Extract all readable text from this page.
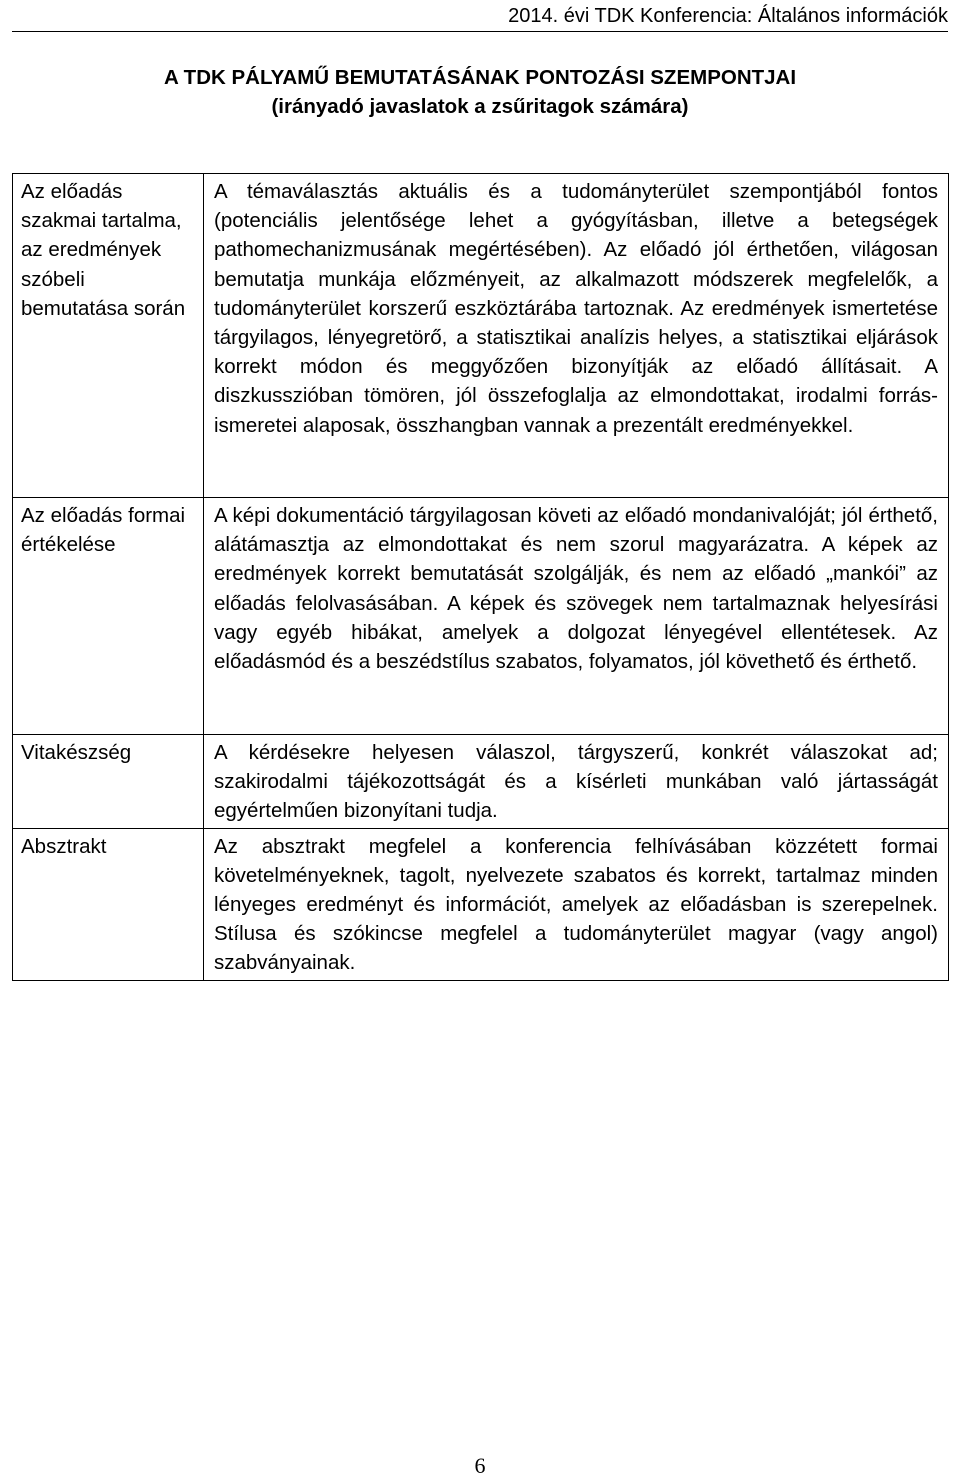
2014. évi TDK Konferencia: Általános információk
A TDK PÁLYAMŰ BEMUTATÁSÁNAK PONTOZÁSI SZEMPONTJAI
(irányadó javaslatok a zsűritagok számára)
Az előadás szakmai tartalma, az eredmények szóbeli bemutatása során	A témaválasztás aktuális és a tudományterület szempontjából fontos (potenciális jelentősége lehet a gyógyításban, illetve a betegségek pathomechanizmusának megértésében). Az előadó jól érthetően, világosan bemutatja munkája előzményeit, az alkalmazott módszerek megfelelők, a tudományterület korszerű eszköztárába tartoznak. Az eredmények ismertetése tárgyilagos, lényegretörő, a statisztikai analízis helyes, a statisztikai eljárások korrekt módon és meggyőzően bizonyítják az előadó állításait. A diszkusszióban tömören, jól összefoglalja az elmondottakat, irodalmi forrás-ismeretei alaposak, összhangban vannak a prezentált eredményekkel.
Az előadás formai értékelése	A képi dokumentáció tárgyilagosan követi az előadó mondanivalóját; jól érthető, alátámasztja az elmondottakat és nem szorul magyarázatra. A képek az eredmények korrekt bemutatását szolgálják, és nem az előadó „mankói” az előadás felolvasásában. A képek és szövegek nem tartalmaznak helyesírási vagy egyéb hibákat, amelyek a dolgozat lényegével ellentétesek. Az előadásmód és a beszédstílus szabatos, folyamatos, jól követhető és érthető.
Vitakészség	A kérdésekre helyesen válaszol, tárgyszerű, konkrét válaszokat ad; szakirodalmi tájékozottságát és a kísérleti munkában való jártasságát egyértelműen bizonyítani tudja.
Absztrakt	Az absztrakt megfelel a konferencia felhívásában közzétett formai követelményeknek, tagolt, nyelvezete szabatos és korrekt, tartalmaz minden lényeges eredményt és információt, amelyek az előadásban is szerepelnek. Stílusa és szókincse megfelel a tudományterület magyar (vagy angol) szabványainak.
6
